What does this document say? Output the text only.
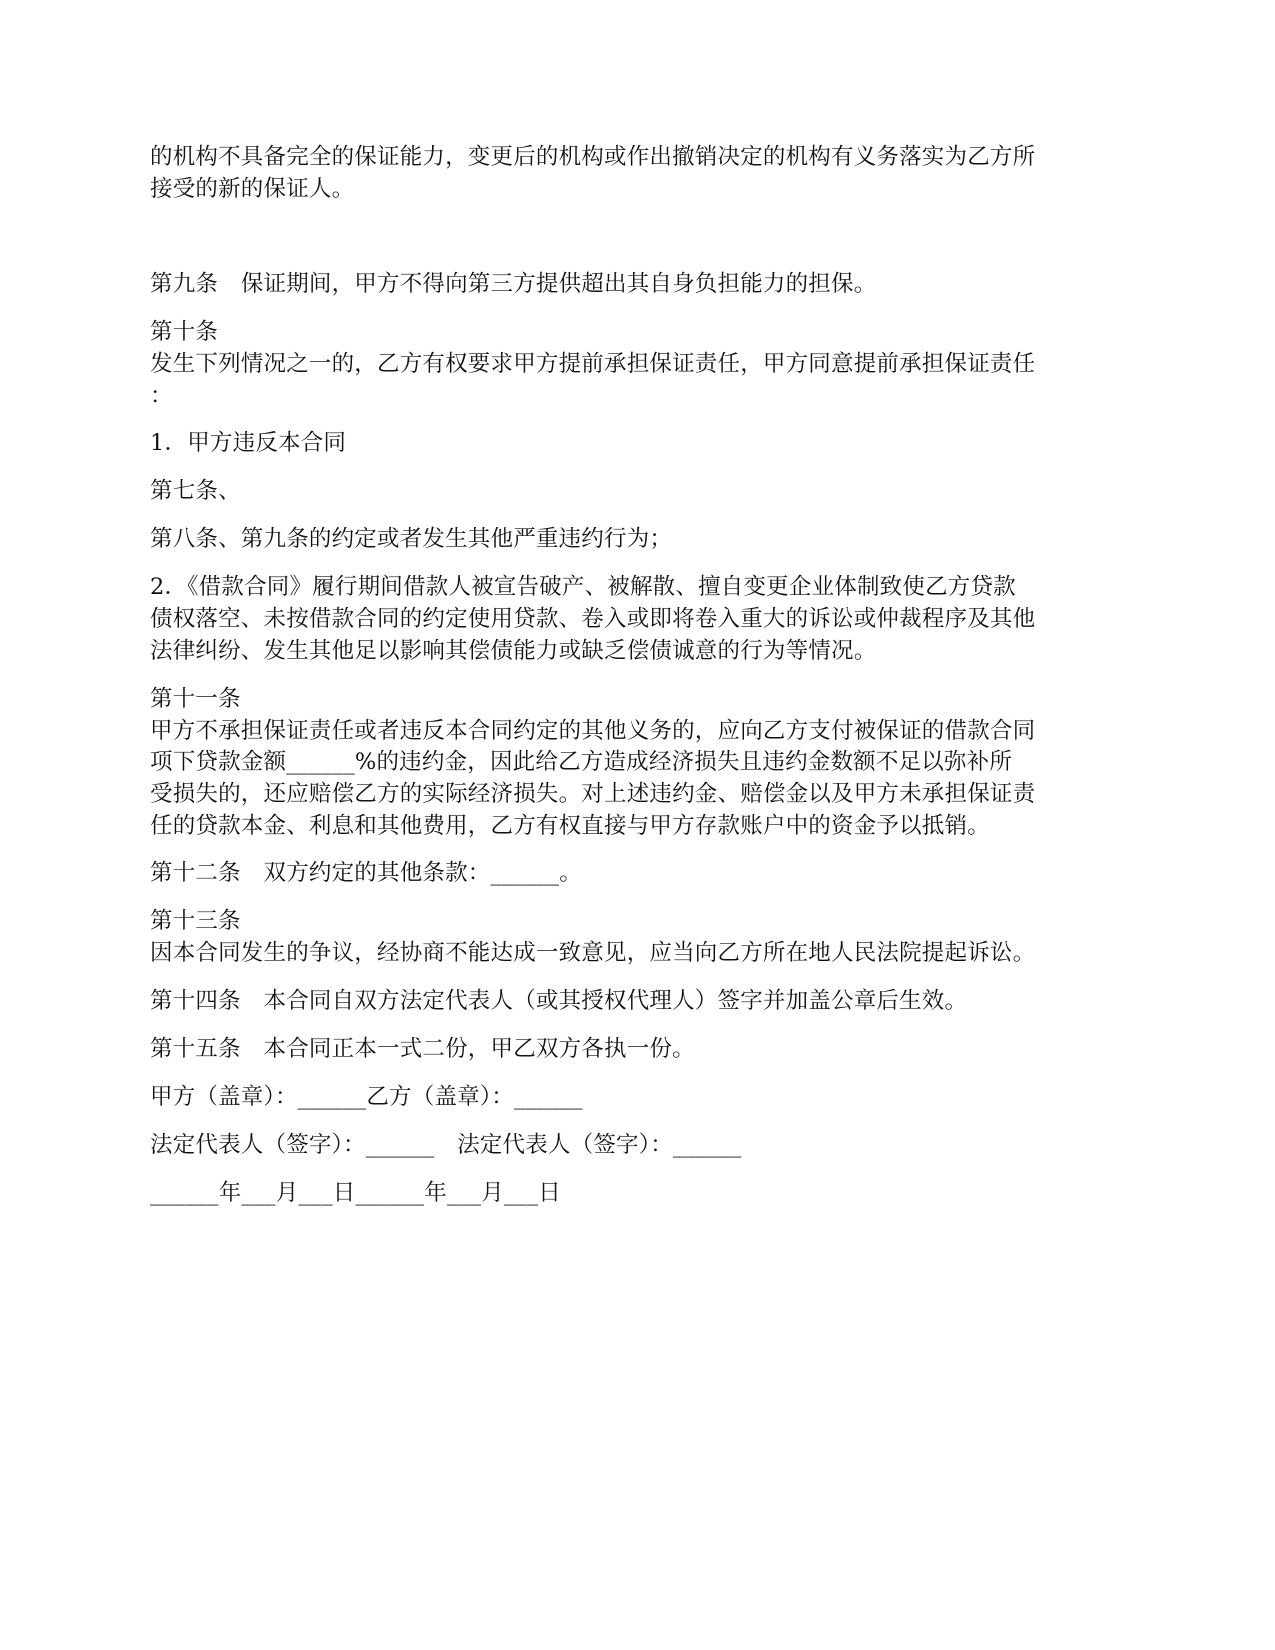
的机构不具备完全的保证能力，变更后的机构或作出撤销决定的机构有义务落实为乙方所
接受的新的保证人。
第九条　保证期间，甲方不得向第三方提供超出其自身负担能力的担保。
第十条
发生下列情况之一的，乙方有权要求甲方提前承担保证责任，甲方同意提前承担保证责任
：
1．甲方违反本合同
第七条、
第八条、第九条的约定或者发生其他严重违约行为；
2．《借款合同》履行期间借款人被宣告破产、被解散、擅自变更企业体制致使乙方贷款
债权落空、未按借款合同的约定使用贷款、卷入或即将卷入重大的诉讼或仲裁程序及其他
法律纠纷、发生其他足以影响其偿债能力或缺乏偿债诚意的行为等情况。
第十一条
甲方不承担保证责任或者违反本合同约定的其他义务的，应向乙方支付被保证的借款合同
项下贷款金额______%的违约金，因此给乙方造成经济损失且违约金数额不足以弥补所
受损失的，还应赔偿乙方的实际经济损失。对上述违约金、赔偿金以及甲方未承担保证责
任的贷款本金、利息和其他费用，乙方有权直接与甲方存款账户中的资金予以抵销。
第十二条　双方约定的其他条款：______。
第十三条
因本合同发生的争议，经协商不能达成一致意见，应当向乙方所在地人民法院提起诉讼。
第十四条　本合同自双方法定代表人（或其授权代理人）签字并加盖公章后生效。
第十五条　本合同正本一式二份，甲乙双方各执一份。
甲方（盖章）：______乙方（盖章）：______
法定代表人（签字）：______　法定代表人（签字）：______
______年___月___日______年___月___日
